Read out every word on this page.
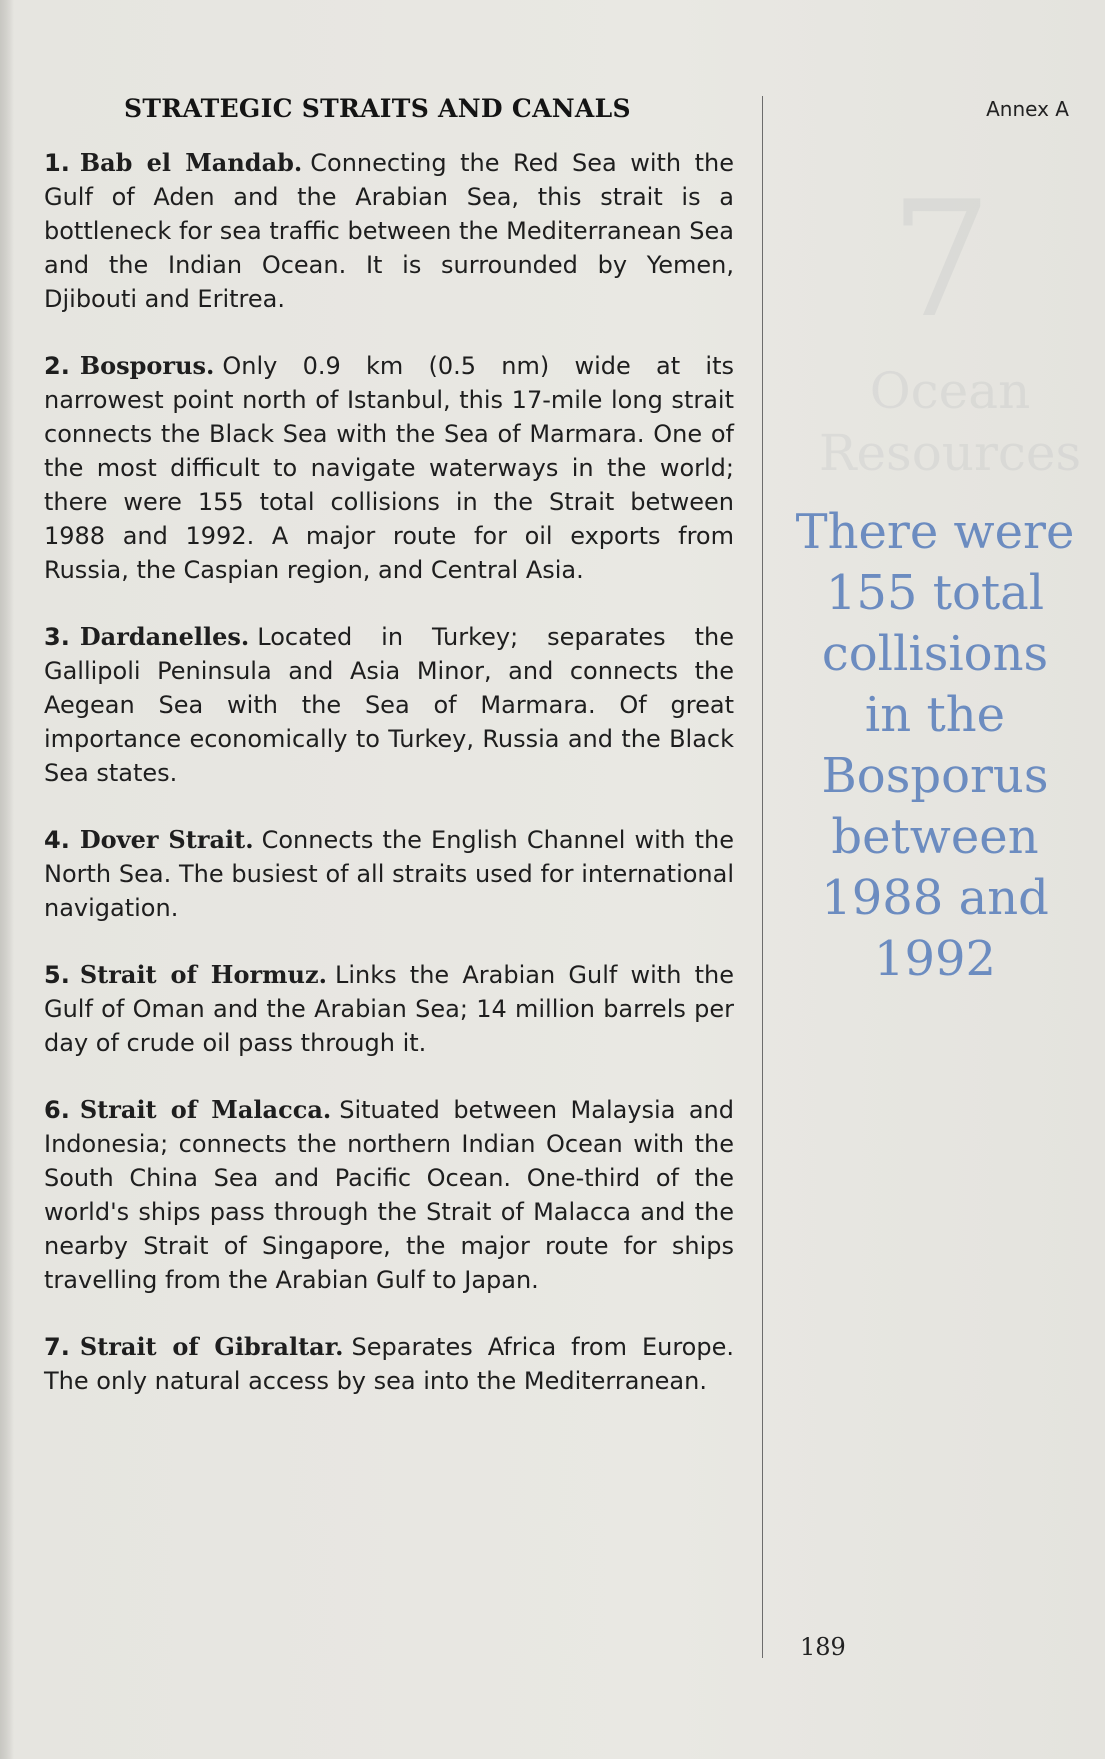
7
Ocean
Resources
Annex A
STRATEGIC STRAITS AND CANALS

1. Bab el Mandab. Connecting the Red Sea with the Gulf of Aden and the Arabian Sea, this strait is a bottleneck for sea traffic between the Mediterranean Sea and the Indian Ocean. It is surrounded by Yemen, Djibouti and Eritrea.

2. Bosporus. Only 0.9 km (0.5 nm) wide at its narrowest point north of Istanbul, this 17-mile long strait connects the Black Sea with the Sea of Marmara. One of the most difficult to navigate waterways in the world; there were 155 total collisions in the Strait between 1988 and 1992. A major route for oil exports from Russia, the Caspian region, and Central Asia.

3. Dardanelles. Located in Turkey; separates the Gallipoli Peninsula and Asia Minor, and connects the Aegean Sea with the Sea of Marmara. Of great importance economically to Turkey, Russia and the Black Sea states.

4. Dover Strait. Connects the English Channel with the North Sea. The busiest of all straits used for international navigation.

5. Strait of Hormuz. Links the Arabian Gulf with the Gulf of Oman and the Arabian Sea; 14 million barrels per day of crude oil pass through it.

6. Strait of Malacca. Situated between Malaysia and Indonesia; connects the northern Indian Ocean with the South China Sea and Pacific Ocean. One-third of the world's ships pass through the Strait of Malacca and the nearby Strait of Singapore, the major route for ships travelling from the Arabian Gulf to Japan.

7. Strait of Gibraltar. Separates Africa from Europe. The only natural access by sea into the Mediterranean.

There were
155 total
collisions
in the
Bosporus
between
1988 and
1992
189
